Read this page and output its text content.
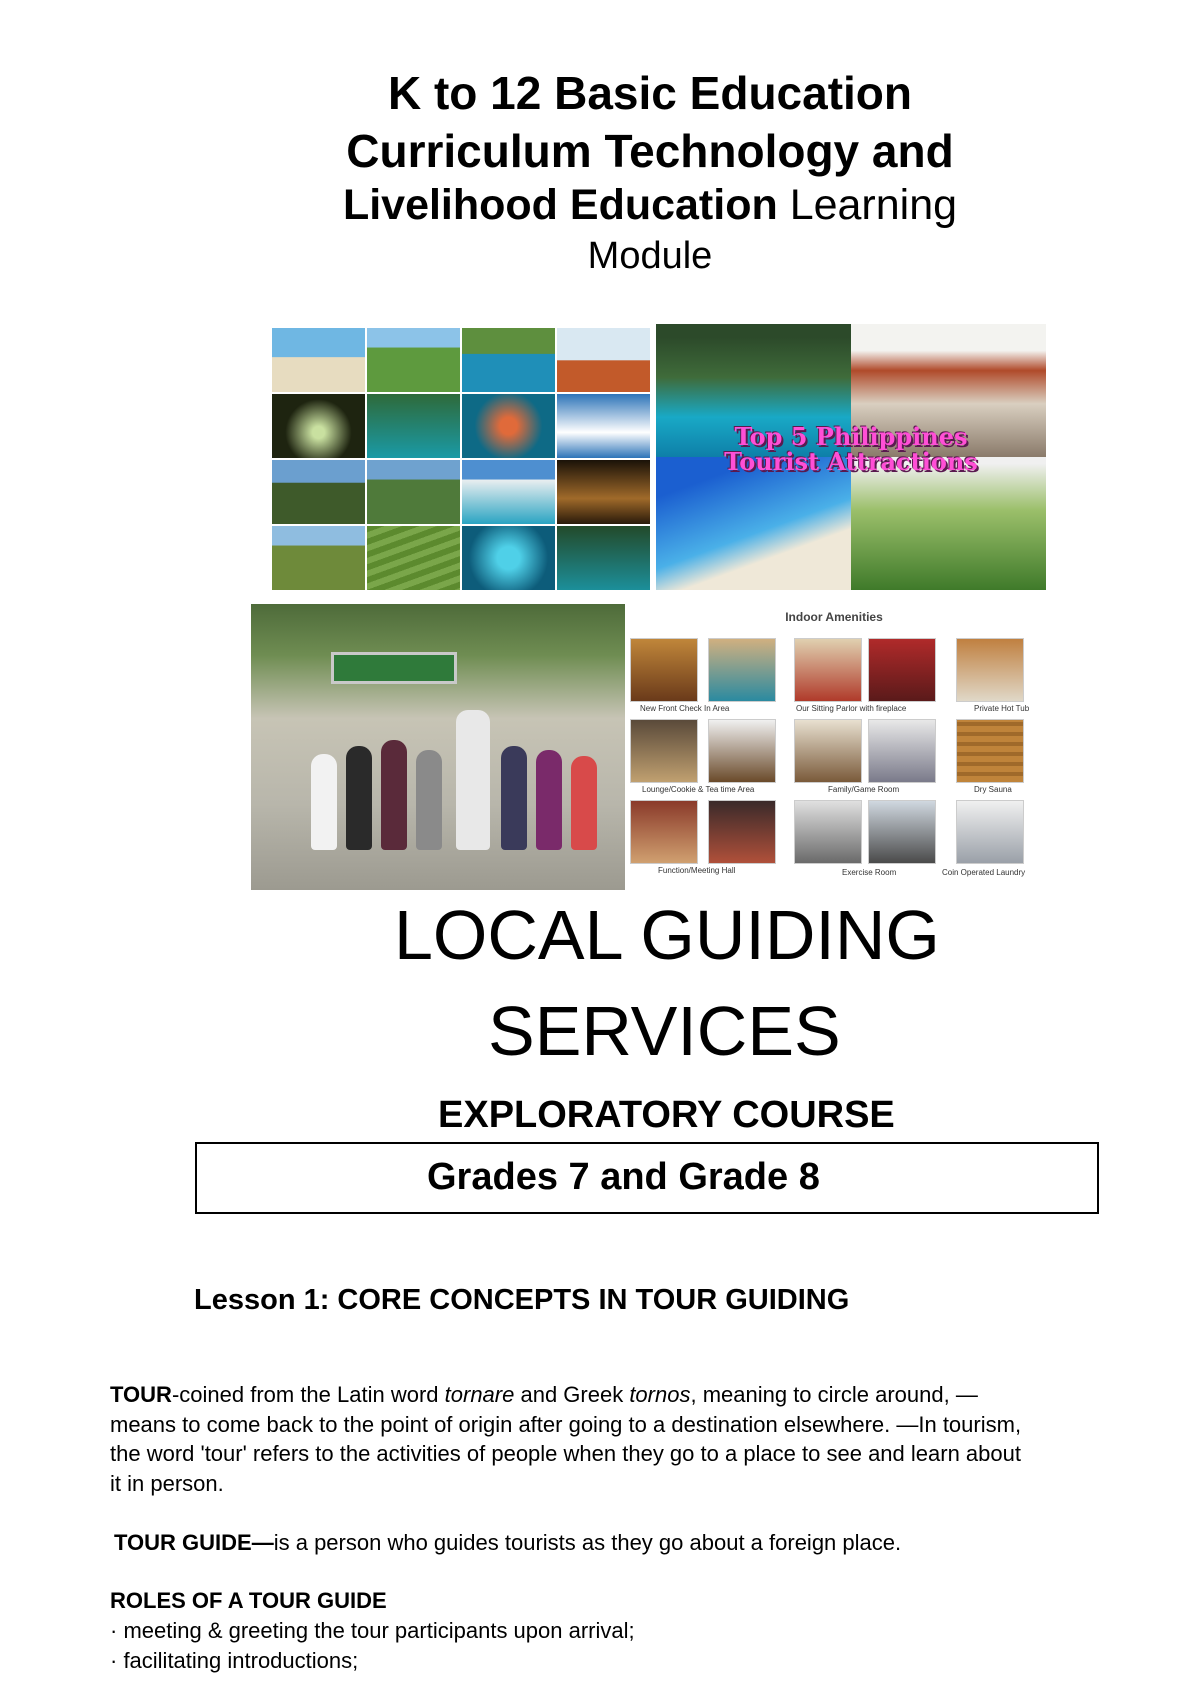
K to 12 Basic Education
Curriculum Technology and
Livelihood Education Learning
Module
Top 5 Philippines
Tourist Attractions
Indoor Amenities
New Front Check In Area	Our Sitting Parlor with fireplace	Private Hot Tub
Lounge/Cookie & Tea time Area	Family/Game Room	Dry Sauna
Function/Meeting Hall	Exercise Room	Coin Operated Laundry
LOCAL GUIDING
SERVICES
EXPLORATORY COURSE
Grades 7 and Grade 8
Lesson 1: CORE CONCEPTS IN TOUR GUIDING
TOUR-coined from the Latin word tornare and Greek tornos, meaning to circle around, —means to come back to the point of origin after going to a destination elsewhere. —In tourism, the word 'tour' refers to the activities of people when they go to a place to see and learn about it in person.
TOUR GUIDE—is a person who guides tourists as they go about a foreign place.
ROLES OF A TOUR GUIDE
· meeting & greeting the tour participants upon arrival;
· facilitating introductions;
